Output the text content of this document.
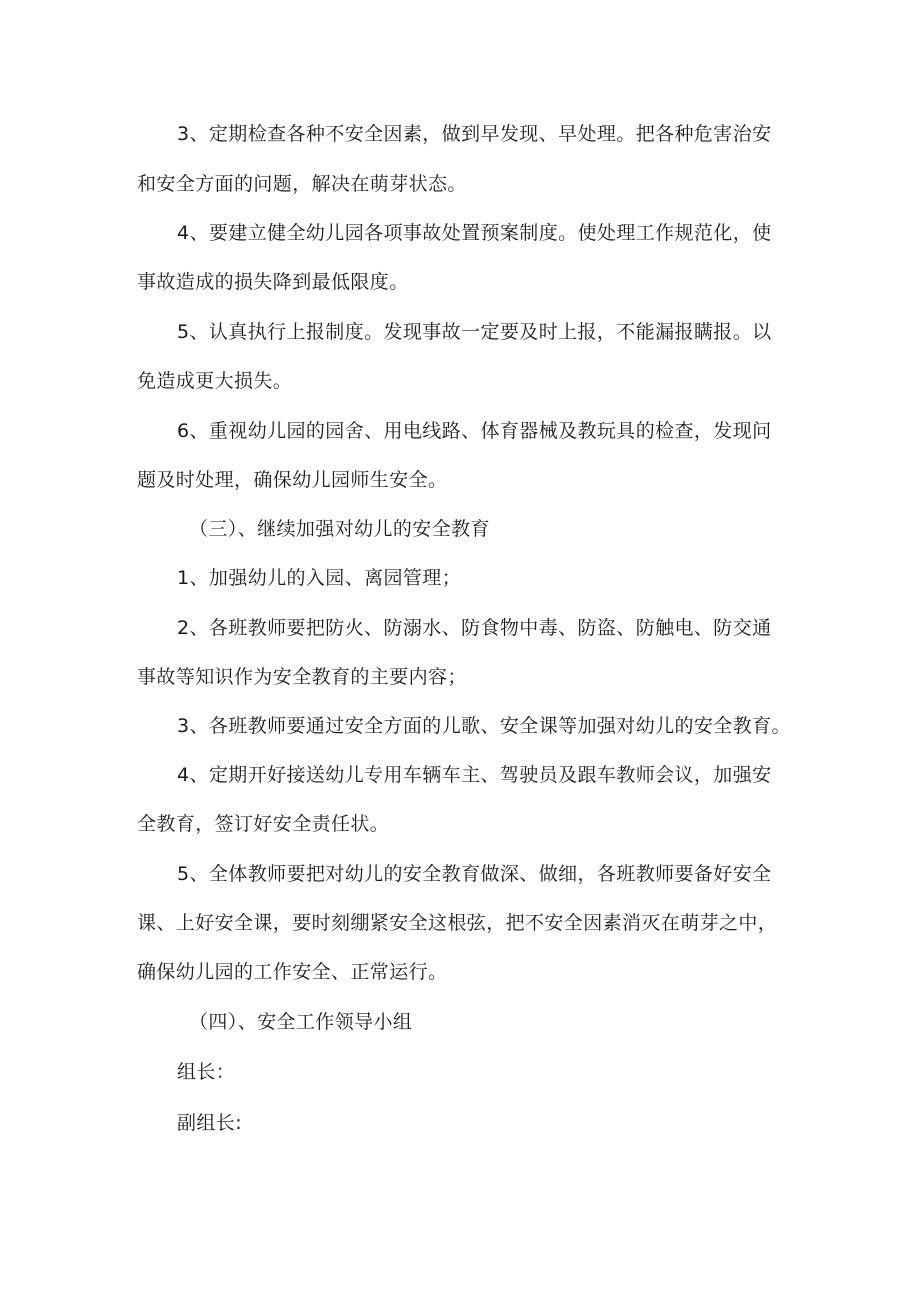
3、定期检查各种不安全因素，做到早发现、早处理。把各种危害治安
和安全方面的问题，解决在萌芽状态。
4、要建立健全幼儿园各项事故处置预案制度。使处理工作规范化，使
事故造成的损失降到最低限度。
5、认真执行上报制度。发现事故一定要及时上报，不能漏报瞒报。以
免造成更大损失。
6、重视幼儿园的园舍、用电线路、体育器械及教玩具的检查，发现问
题及时处理，确保幼儿园师生安全。
（三）、继续加强对幼儿的安全教育
1、加强幼儿的入园、离园管理；
2、各班教师要把防火、防溺水、防食物中毒、防盗、防触电、防交通
事故等知识作为安全教育的主要内容；
3、各班教师要通过安全方面的儿歌、安全课等加强对幼儿的安全教育。
4、定期开好接送幼儿专用车辆车主、驾驶员及跟车教师会议，加强安
全教育，签订好安全责任状。
5、全体教师要把对幼儿的安全教育做深、做细，各班教师要备好安全
课、上好安全课，要时刻绷紧安全这根弦，把不安全因素消灭在萌芽之中，
确保幼儿园的工作安全、正常运行。
（四）、安全工作领导小组
组长：
副组长:
